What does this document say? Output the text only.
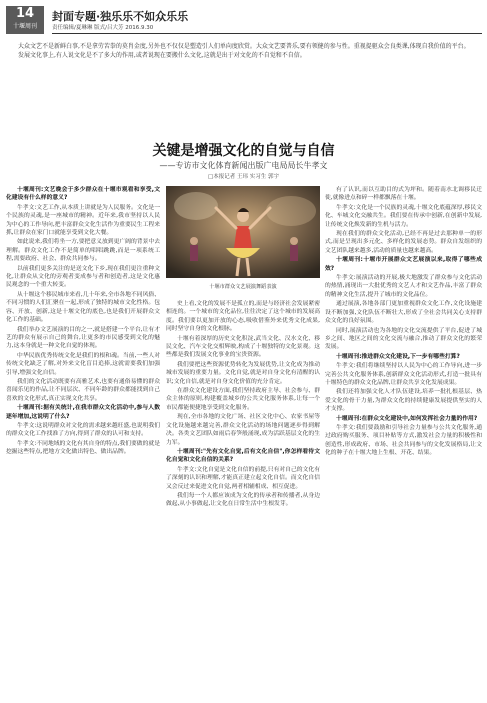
14
十堰周刊
封面专题·独乐乐不如众乐乐
责任编辑/夏琳琳 版式/吕大芳 2016.9.30

大众文艺不是新鲜白事,不是拿劳苦拳的莫肖金度,另外也不仅仅是塑造引人们单向度欣赏。大众文艺要普乐,要有领健的参与性。重视提驱众会良类课,体现自我价值的平台。

发展文化事上,有人说文化是不了多大的作用,或者说现在要搬什么文化,这就是出于对文化的不自觉和不自信。

关键是增强文化的自觉与自信
——专访市文化体育新闻出版广电局局长牛孝文
□本报记者 王玮 实习生 郭宇

十堰周刊:文艺晚会于多少群众在十堰市观看和享受,文化建设有什么样的意义?

牛孝文:文艺工作,从本质上讲就是为人民服务。文化是一个民族的灵魂,是一座城市的精神。近年来,我市坚持以人民为中心的工作导向,把丰富群众文化生活作为重要民生工程来抓,让群众在家门口就能享受到文化大餐。

如此说来,我们将坐一方,要把意义放到更广阔的背景中去理解。群众文化工作不是简单的唱唱跳跳,而是一项系统工程,需要政府、社会、群众共同参与。

以前我们更多关注的是送文化下乡,现在我们更注重种文化,让群众从文化的旁观者变成参与者和创造者,这是文化惠民观念的一个重大转变。

从十堰这个移民城市来看,几十年来,全市各地不同风俗、不同习惯的人们汇聚在一起,形成了独特的城市文化性格。包容、开放、创新,这是十堰文化的底色,也是我们开展群众文化工作的基础。

我们举办文艺展演的目的之一,就是搭建一个平台,让有才艺的群众有展示自己的舞台,让更多的市民感受到文化的魅力,这本身就是一种文化自觉的体现。

中华民族优秀传统文化是我们的根和魂。当前,一些人对传统文化缺乏了解,对外来文化盲目追捧,这就需要我们加强引导,增强文化自信。

我们的文化活动既要有高雅艺术,也要有通俗易懂的群众喜闻乐见的作品,让不同层次、不同年龄的群众都能找到自己喜欢的文化形式,真正实现文化共享。

十堰周刊:据有关统计,在我市群众文化活动中,参与人数逐年增加,这说明了什么?

牛孝文:这说明群众对文化的需求越来越旺盛,也说明我们的群众文化工作找准了方向,得到了群众的认可和支持。

牛孝文:不同地域的文化有其自身的特点,我们要做的就是挖掘这些特点,把地方文化做出特色、做出品牌。

十堰市群众文艺展演舞蹈表演

史上看,文化的发展不是孤立的,而是与经济社会发展紧密相连的。一个城市的文化品位,往往决定了这个城市的发展高度。我们要以更加开放的心态,吸收借鉴外来优秀文化成果,同时坚守自身的文化根脉。

十堰有着深厚的历史文化积淀,武当文化、汉水文化、移民文化、汽车文化交相辉映,构成了十堰独特的文化景观。这些都是我们发展文化事业的宝贵资源。

我们要把这些资源优势转化为发展优势,让文化成为推动城市发展的重要力量。文化自觉,就是对自身文化有清醒的认识;文化自信,就是对自身文化价值的充分肯定。

在群众文化建设方面,我们坚持政府主导、社会参与、群众主体的原则,构建覆盖城乡的公共文化服务体系,让每一个市民都能便捷地享受到文化服务。

现在,全市各地的文化广场、社区文化中心、农家书屋等文化设施越来越完善,群众文化活动的场地问题逐步得到解决。各类文艺团队如雨后春笋般涌现,成为活跃基层文化的生力军。

十堰周刊:"先有文化自觉,后有文化自信",你怎样看待文化自觉和文化自信的关系?

牛孝文:文化自觉是文化自信的前提,只有对自己的文化有了深刻的认识和理解,才能真正建立起文化自信。而文化自信又会反过来促进文化自觉,两者相辅相成、相互促进。

我们每一个人都应该成为文化的传承者和传播者,从身边做起,从小事做起,让文化在日常生活中生根发芽。

有了认识,而以互助目的式为坪和。随着南水北调移民迁徙,就像进点和碎一样都飘落在十堰。

牛孝文:文化是一个民族的灵魂,十堰文化底蕴深厚,移民文化、车城文化交融共生。我们要在传承中创新,在创新中发展,让传统文化焕发新的生机与活力。

现在我们的群众文化活动,已经不再是过去那种单一的形式,而是呈现出多元化、多样化的发展态势。群众自发组织的文艺团队越来越多,活动的质量也越来越高。

十堰周刊:十堰市开展群众文艺展演以来,取得了哪些成效?

牛孝文:展演活动的开展,极大地激发了群众参与文化活动的热情,涌现出一大批优秀的文艺人才和文艺作品,丰富了群众的精神文化生活,提升了城市的文化品位。

通过展演,各地各部门更加重视群众文化工作,文化设施建设不断加强,文化队伍不断壮大,形成了全社会共同关心支持群众文化的良好氛围。

同时,展演活动也为各地的文化交流提供了平台,促进了城乡之间、地区之间的文化交流与融合,推动了群众文化的繁荣发展。

十堰周刊:推进群众文化建设,下一步有哪些打算?

牛孝文:我们将继续坚持以人民为中心的工作导向,进一步完善公共文化服务体系,创新群众文化活动形式,打造一批具有十堰特色的群众文化品牌,让群众共享文化发展成果。

我们还将加强文化人才队伍建设,培养一批扎根基层、热爱文化的骨干力量,为群众文化的持续健康发展提供坚实的人才支撑。

十堰周刊:在群众文化建设中,如何发挥社会力量的作用?

牛孝文:我们要鼓励和引导社会力量参与公共文化服务,通过政府购买服务、项目补贴等方式,激发社会力量的积极性和创造性,形成政府、市场、社会共同参与的文化发展格局,让文化的种子在十堰大地上生根、开花、结果。
